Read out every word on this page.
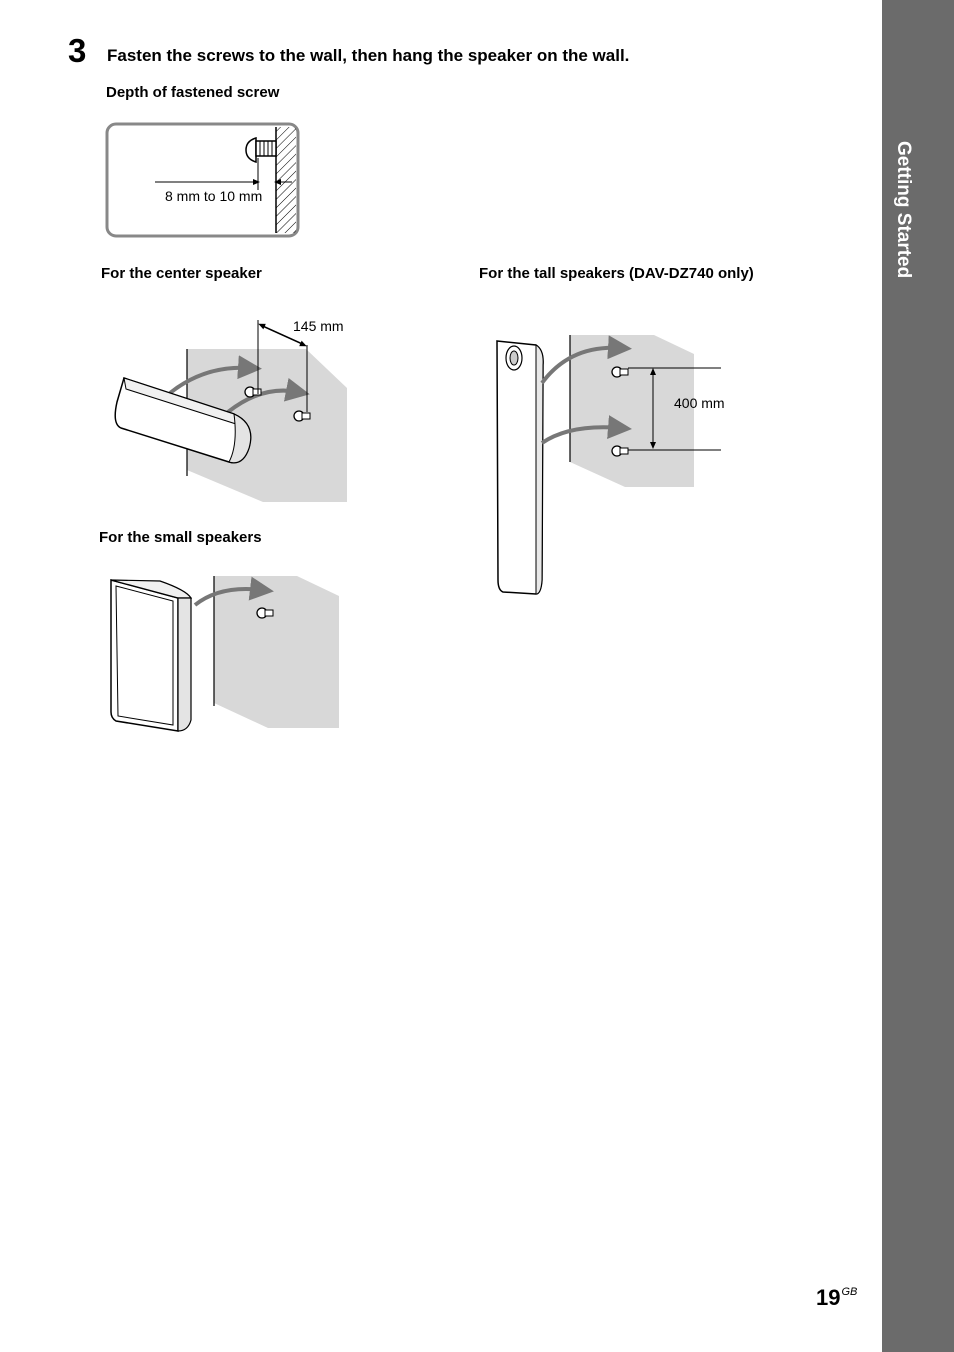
Getting Started
3 Fasten the screws to the wall, then hang the speaker on the wall.
Depth of fastened screw
For the center speaker	For the tall speakers (DAV-DZ740 only)
For the small speakers
8 mm to 10 mm
145 mm
400 mm
$19^{GB}$
